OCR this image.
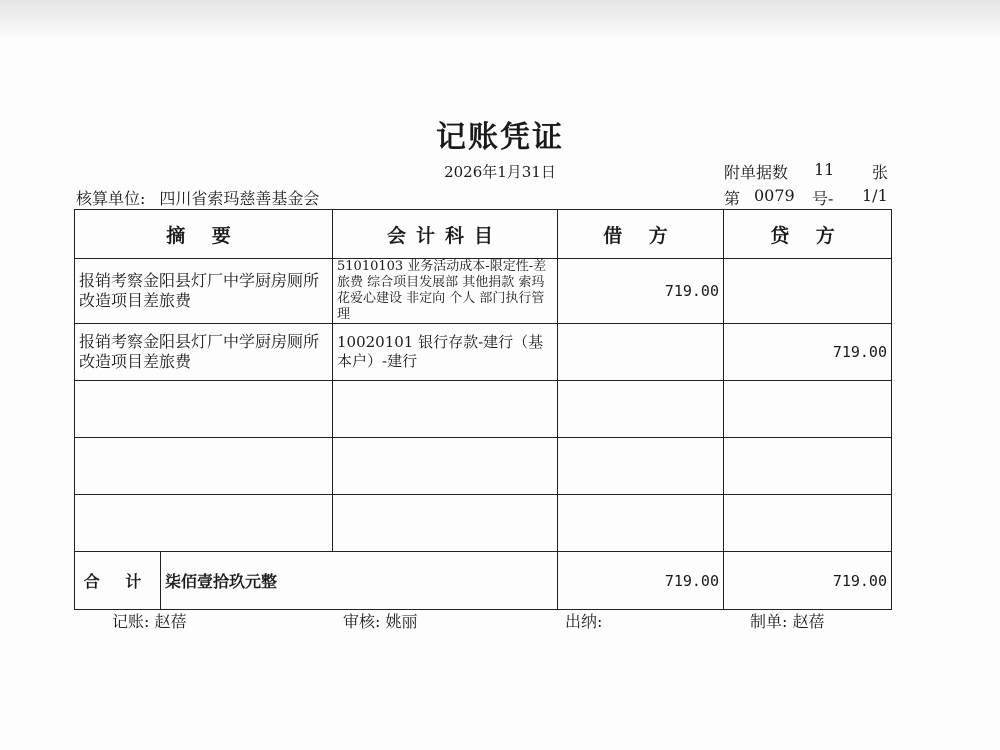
记账凭证
2026年1月31日	附单据数 11 张
核算单位: 四川省索玛慈善基金会	第 0079 号- 1/1
摘 要		会计科目	借 方	贷 方
报销考察金阳县灯厂中学厨房厕所改造项目差旅费		51010103 业务活动成本-限定性-差旅费 综合项目发展部 其他捐款 索玛花爱心建设 非定向 个人 部门执行管理	719.00	
报销考察金阳县灯厂中学厨房厕所改造项目差旅费		10020101 银行存款-建行（基本户）-建行		719.00

合 计	柒佰壹拾玖元整		719.00	719.00
记账: 赵蓓	审核: 姚丽	出纳:	制单: 赵蓓
